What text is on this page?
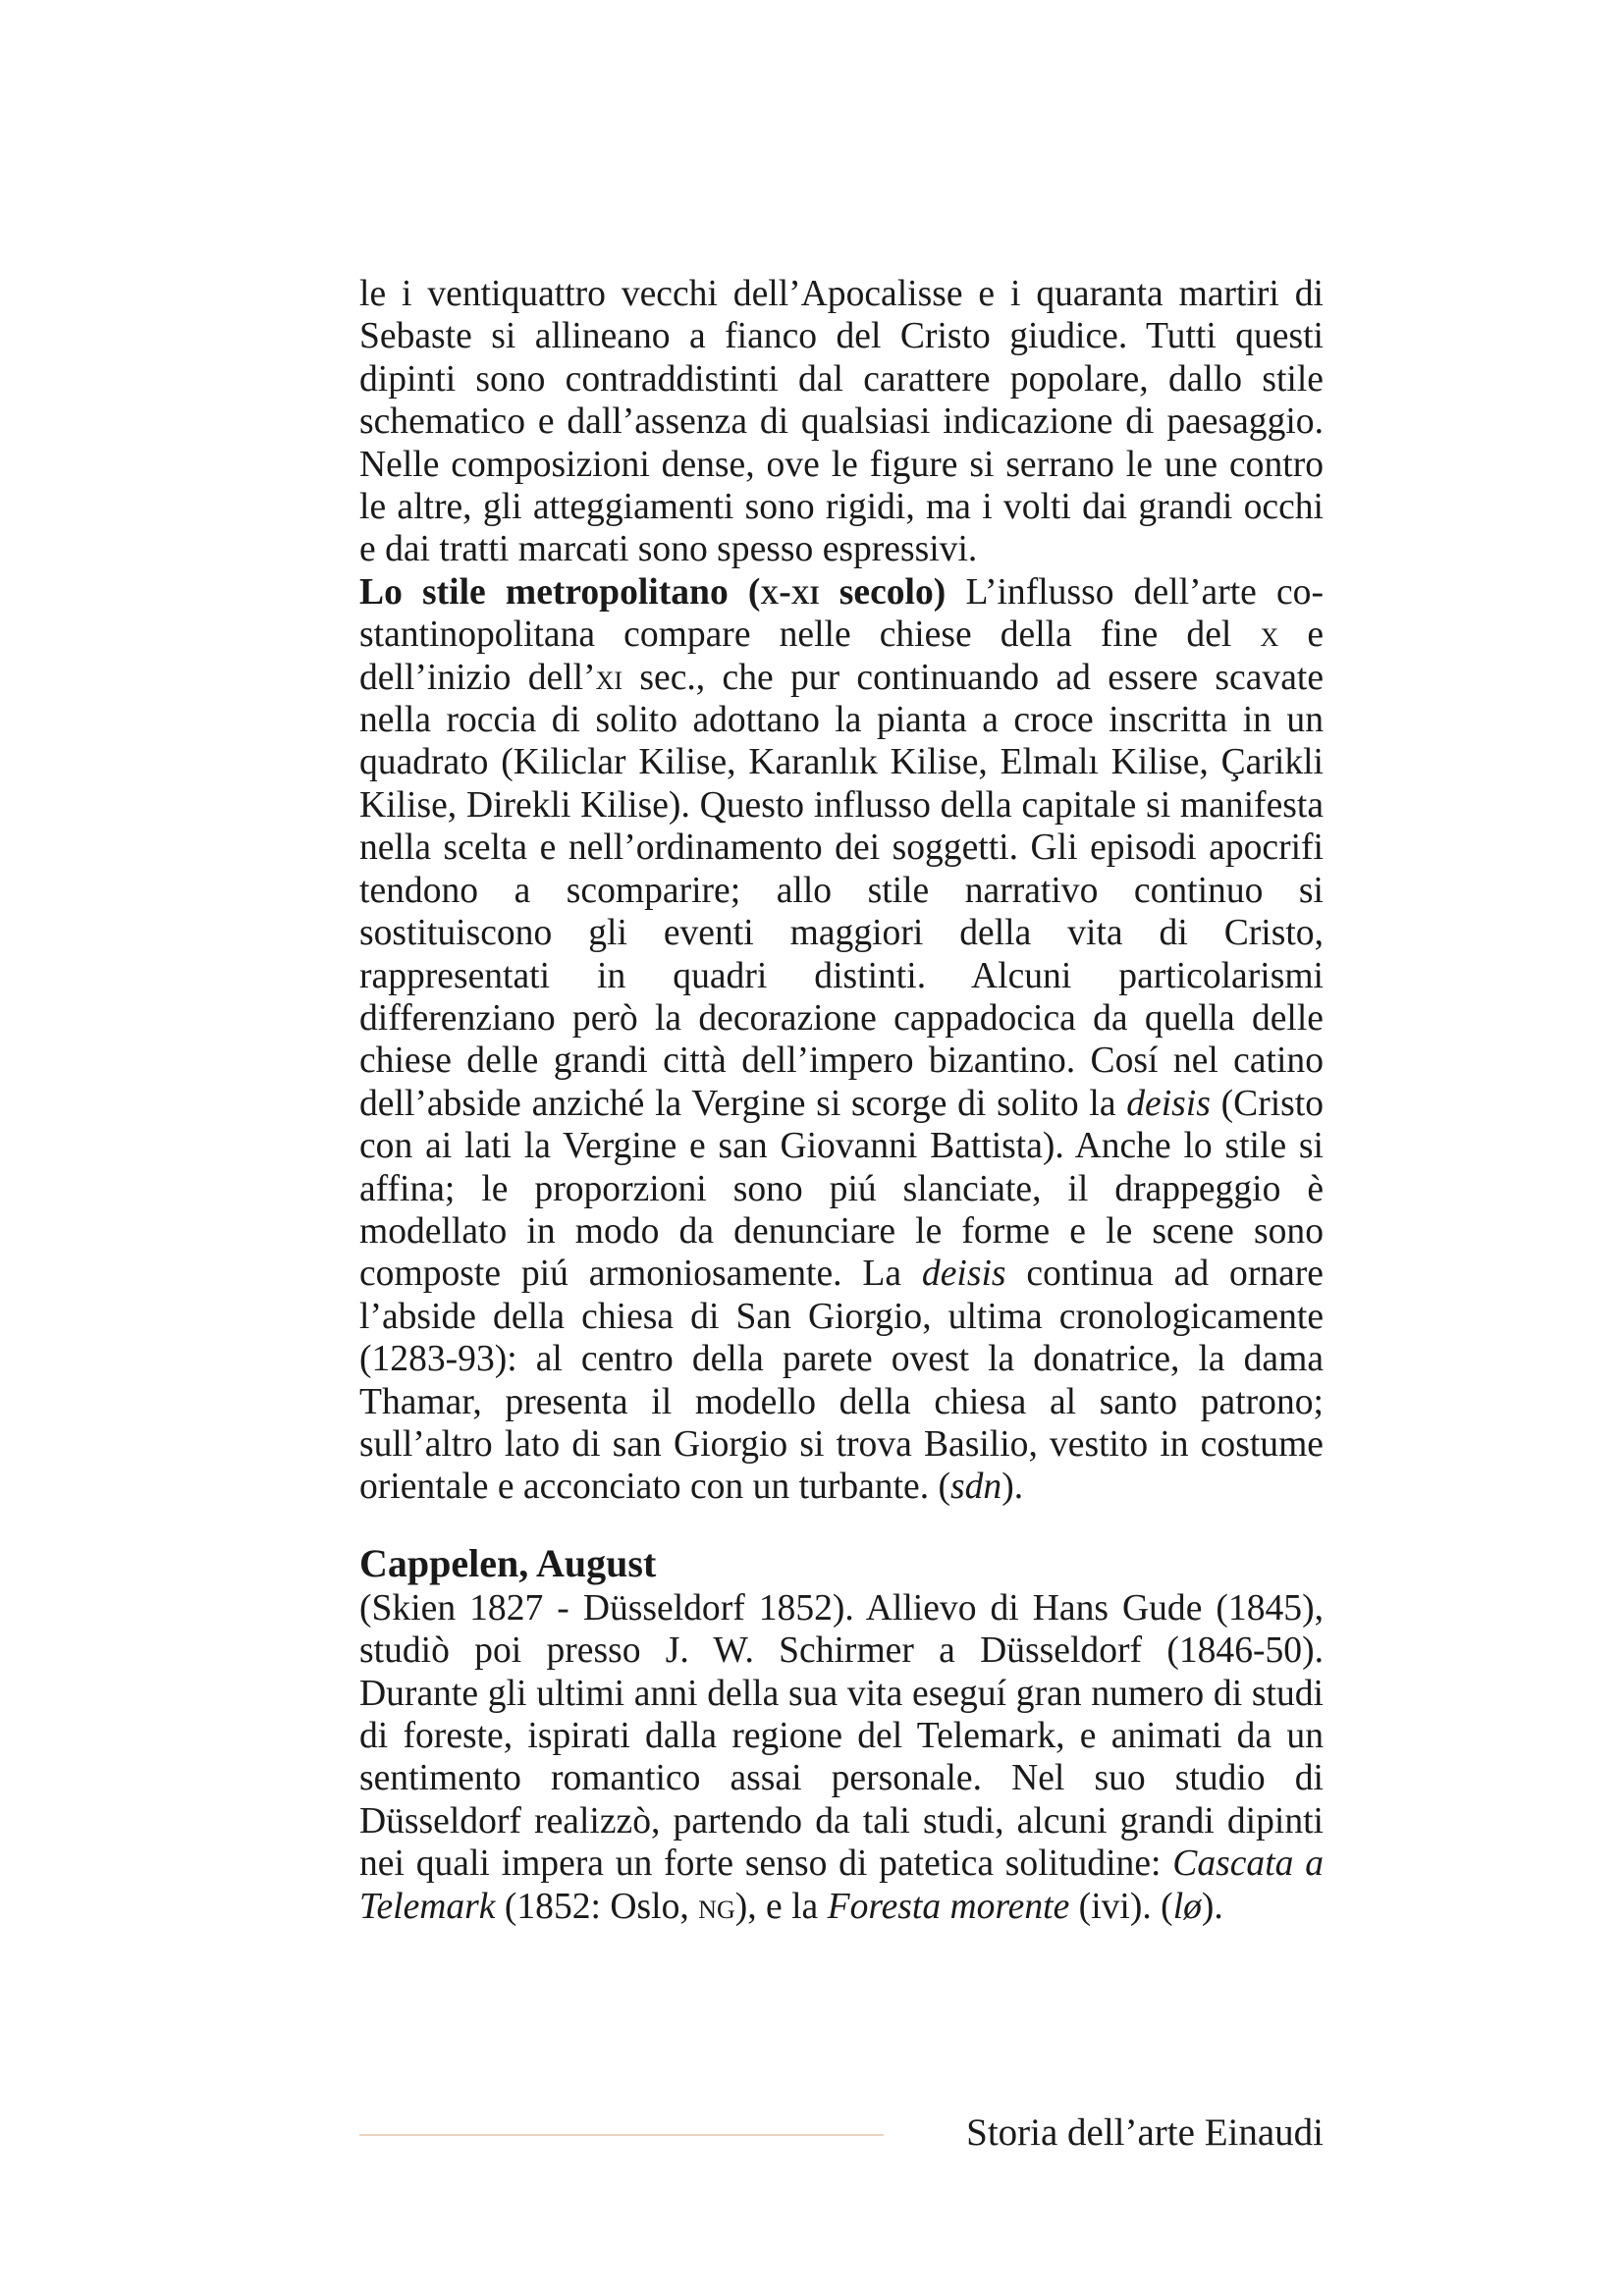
le i ventiquattro vecchi dell’Apocalisse e i quaranta martiri di Sebaste si allineano a fianco del Cristo giudice. Tutti questi dipinti sono contraddistinti dal carattere popolare, dallo stile schematico e dall’assenza di qualsiasi indicazione di paesaggio. Nelle composizioni dense, ove le figure si serrano le une contro le altre, gli atteggiamenti sono rigidi, ma i volti dai grandi occhi e dai tratti marcati sono spesso espressivi.

Lo stile metropolitano (x-xi secolo) L’influsso dell’arte costantinopolitana compare nelle chiese della fine del x e dell’inizio dell’xi sec., che pur continuando ad essere scavate nella roccia di solito adottano la pianta a croce inscritta in un quadrato (Kiliclar Kilise, Karanlık Kilise, Elmalı Kilise, Çarikli Kilise, Direkli Kilise). Questo influsso della capitale si manifesta nella scelta e nell’ordinamento dei soggetti. Gli episodi apocrifi tendono a scomparire; allo stile narrativo continuo si sostituiscono gli eventi maggiori della vita di Cristo, rappresentati in quadri distinti. Alcuni particolarismi differenziano però la decorazione cappadocica da quella delle chiese delle grandi città dell’impero bizantino. Cosí nel catino dell’abside anziché la Vergine si scorge di solito la deisis (Cristo con ai lati la Vergine e san Giovanni Battista). Anche lo stile si affina; le proporzioni sono piú slanciate, il drappeggio è modellato in modo da denunciare le forme e le scene sono composte piú armoniosamente. La deisis continua ad ornare l’abside della chiesa di San Giorgio, ultima cronologicamente (1283-93): al centro della parete ovest la donatrice, la dama Thamar, presenta il modello della chiesa al santo patrono; sull’altro lato di san Giorgio si trova Basilio, vestito in costume orientale e acconciato con un turbante. (sdn).

Cappelen, August

(Skien 1827 - Düsseldorf 1852). Allievo di Hans Gude (1845), studiò poi presso J. W. Schirmer a Düsseldorf (1846-50). Durante gli ultimi anni della sua vita eseguí gran numero di studi di foreste, ispirati dalla regione del Telemark, e animati da un sentimento romantico assai personale. Nel suo studio di Düsseldorf realizzò, partendo da tali studi, alcuni grandi dipinti nei quali impera un forte senso di patetica solitudine: Cascata a Telemark (1852: Oslo, ng), e la Foresta morente (ivi). (lø).

Storia dell’arte Einaudi
